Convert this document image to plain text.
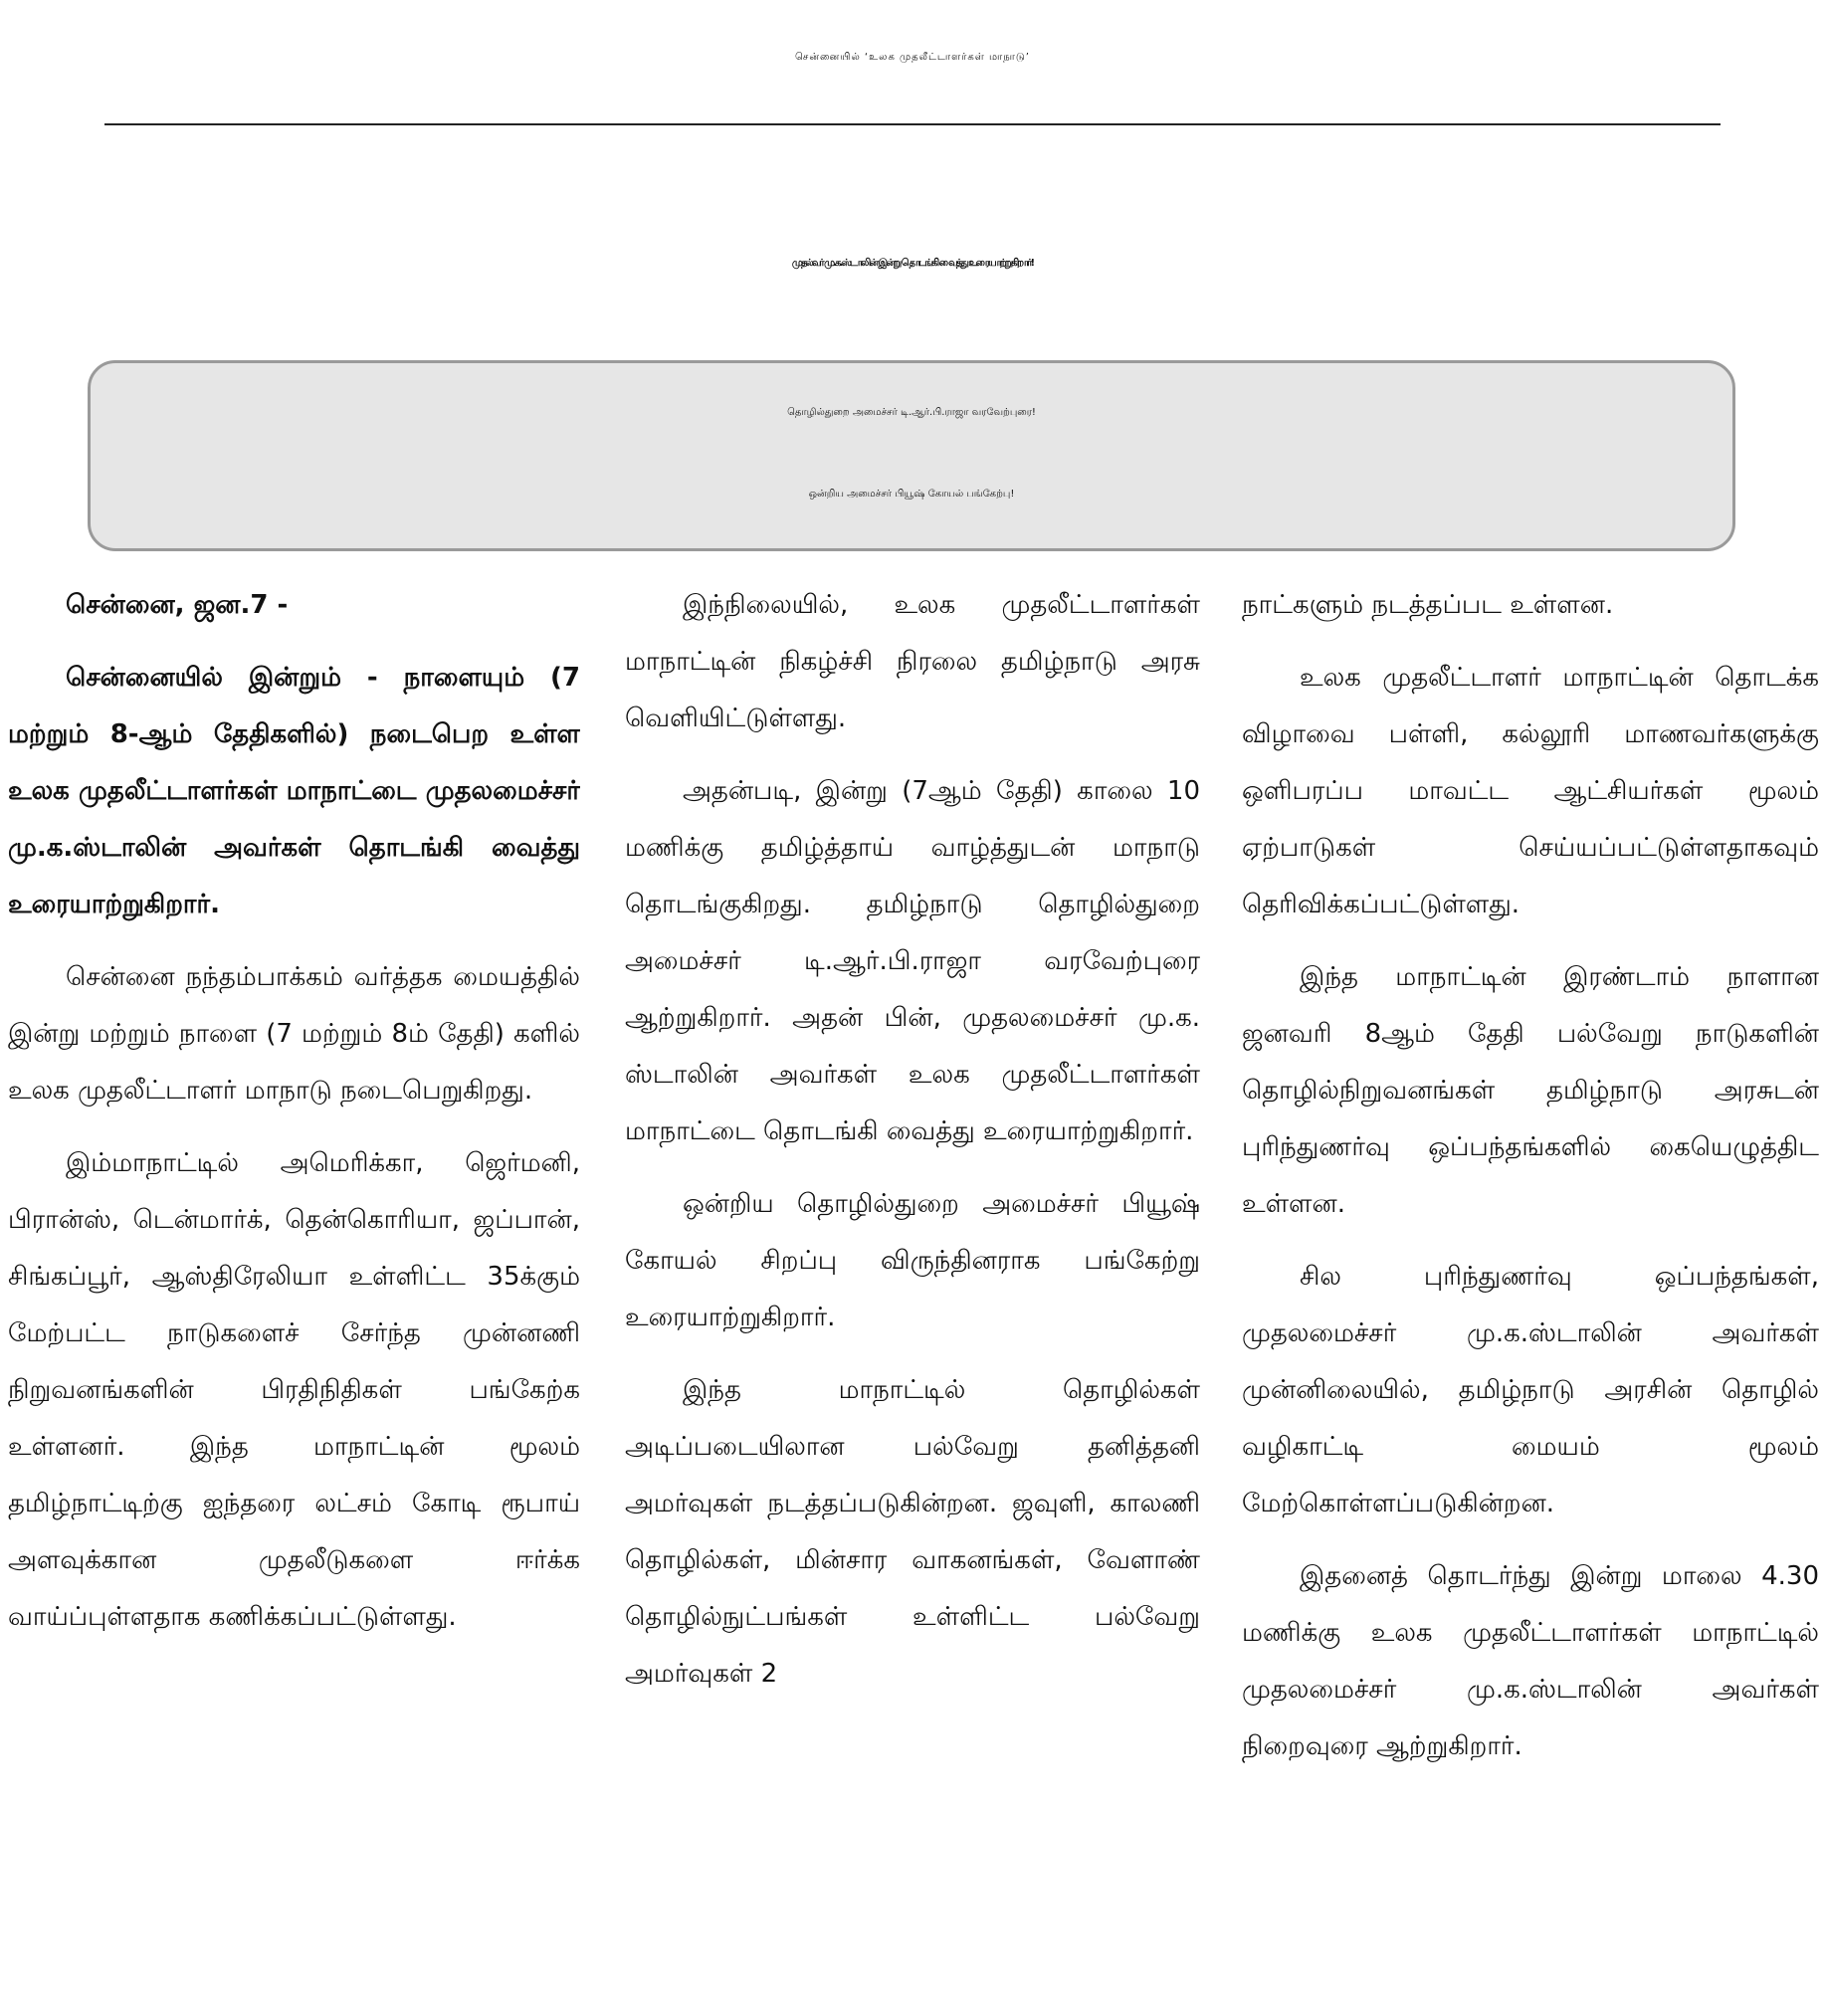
சென்னையில் ‘உலக முதலீட்டாளர்கள் மாநாடு’
முதல்வர் மு.க.ஸ்டாலின் இன்று தொடங்கி வைத்து உரையாற்றுகிறார்!
தொழில்துறை அமைச்சர் டி.ஆர்.பி.ராஜா வரவேற்புரை!
ஒன்றிய அமைச்சர் பியூஷ் கோயல் பங்கேற்பு!

சென்னை, ஜன.7 -

சென்னையில் இன்றும் - நாளையும் (7 மற்றும் 8-ஆம் தேதிகளில்) நடைபெற உள்ள உலக முதலீட்டாளர்கள் மாநாட்டை முதலமைச்சர் மு.க.ஸ்டாலின் அவர்கள் தொடங்கி வைத்து உரையாற்றுகிறார்.

சென்னை நந்தம்பாக்கம் வர்த்தக மையத்தில் இன்று மற்றும் நாளை (7 மற்றும் 8ம் தேதி) களில் உலக முதலீட்டாளர் மாநாடு நடைபெறுகிறது.

இம்மாநாட்டில் அமெரிக்கா, ஜெர்மனி, பிரான்ஸ், டென்மார்க், தென்கொரியா, ஜப்பான், சிங்கப்பூர், ஆஸ்திரேலியா உள்ளிட்ட 35க்கும் மேற்பட்ட நாடுகளைச் சேர்ந்த முன்னணி நிறுவனங்களின் பிரதிநிதிகள் பங்கேற்க உள்ளனர். இந்த மாநாட்டின் மூலம் தமிழ்நாட்டிற்கு ஐந்தரை லட்சம் கோடி ரூபாய் அளவுக்கான முதலீடுகளை ஈர்க்க வாய்ப்புள்ளதாக கணிக்கப்பட்டுள்ளது.

இந்நிலையில், உலக முதலீட்டாளர்கள் மாநாட்டின் நிகழ்ச்சி நிரலை தமிழ்நாடு அரசு வெளியிட்டுள்ளது.

அதன்படி, இன்று (7ஆம் தேதி) காலை 10 மணிக்கு தமிழ்த்தாய் வாழ்த்துடன் மாநாடு தொடங்குகிறது. தமிழ்நாடு தொழில்துறை அமைச்சர் டி.ஆர்.பி.ராஜா வரவேற்புரை ஆற்றுகிறார். அதன் பின், முதலமைச்சர் மு.க. ஸ்டாலின் அவர்கள் உலக முதலீட்டாளர்கள் மாநாட்டை தொடங்கி வைத்து உரையாற்றுகிறார்.

ஒன்றிய தொழில்துறை அமைச்சர் பியூஷ் கோயல் சிறப்பு விருந்தினராக பங்கேற்று உரையாற்றுகிறார்.

இந்த மாநாட்டில் தொழில்கள் அடிப்படையிலான பல்வேறு தனித்தனி அமர்வுகள் நடத்தப்படுகின்றன. ஜவுளி, காலணி தொழில்கள், மின்சார வாகனங்கள், வேளாண் தொழில்நுட்பங்கள் உள்ளிட்ட பல்வேறு அமர்வுகள் 2

நாட்களும் நடத்தப்பட உள்ளன.

உலக முதலீட்டாளர் மாநாட்டின் தொடக்க விழாவை பள்ளி, கல்லூரி மாணவர்களுக்கு ஒளிபரப்ப மாவட்ட ஆட்சியர்கள் மூலம் ஏற்பாடுகள் செய்யப்பட்டுள்ளதாகவும் தெரிவிக்கப்பட்டுள்ளது.

இந்த மாநாட்டின் இரண்டாம் நாளான ஜனவரி 8ஆம் தேதி பல்வேறு நாடுகளின் தொழில்நிறுவனங்கள் தமிழ்நாடு அரசுடன் புரிந்துணர்வு ஒப்பந்தங்களில் கையெழுத்திட உள்ளன.

சில புரிந்துணர்வு ஒப்பந்தங்கள், முதலமைச்சர் மு.க.ஸ்டாலின் அவர்கள் முன்னிலையில், தமிழ்நாடு அரசின் தொழில் வழிகாட்டி மையம் மூலம் மேற்கொள்ளப்படுகின்றன.

இதனைத் தொடர்ந்து இன்று மாலை 4.30 மணிக்கு உலக முதலீட்டாளர்கள் மாநாட்டில் முதலமைச்சர் மு.க.ஸ்டாலின் அவர்கள் நிறைவுரை ஆற்றுகிறார்.
